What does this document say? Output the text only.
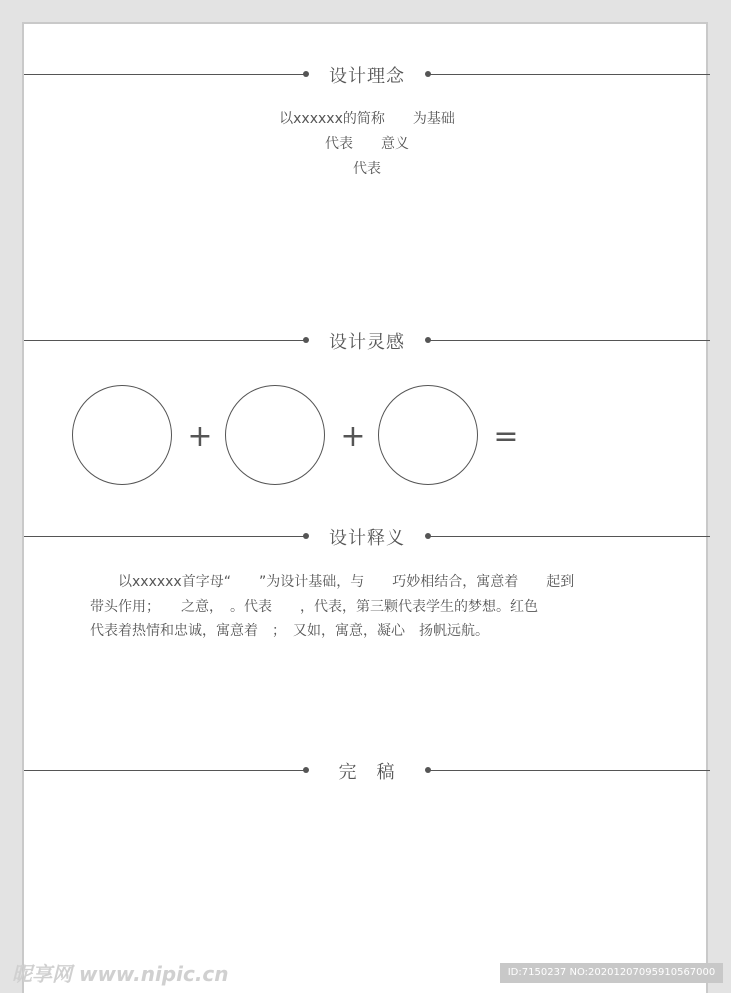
设计理念
以xxxxxx的简称　　为基础
代表　　意义
代表
设计灵感
+	+	=
设计释义
　　以xxxxxx首字母“　　”为设计基础，与　　巧妙相结合，寓意着　　起到
带头作用；　　之意，　。代表　　，代表，第三颗代表学生的梦想。红色
代表着热情和忠诚，寓意着　；　又如，寓意，凝心　扬帆远航。
完　稿
昵享网 www.nipic.cn	ID:7150237 NO:20201207095910567000
